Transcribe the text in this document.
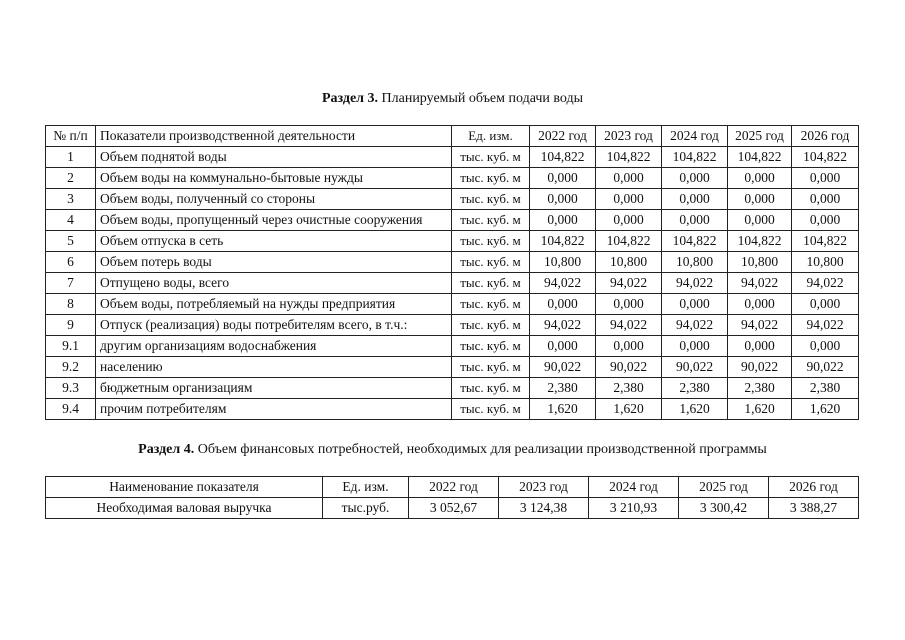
Раздел 3. Планируемый объем подачи воды
№ п/п	Показатели производственной деятельности	Ед. изм.	2022 год	2023 год	2024 год	2025 год	2026 год
1	Объем поднятой воды	тыс. куб. м	104,822	104,822	104,822	104,822	104,822
2	Объем воды на коммунально-бытовые нужды	тыс. куб. м	0,000	0,000	0,000	0,000	0,000
3	Объем воды, полученный со стороны	тыс. куб. м	0,000	0,000	0,000	0,000	0,000
4	Объем воды, пропущенный через очистные сооружения	тыс. куб. м	0,000	0,000	0,000	0,000	0,000
5	Объем отпуска в сеть	тыс. куб. м	104,822	104,822	104,822	104,822	104,822
6	Объем потерь воды	тыс. куб. м	10,800	10,800	10,800	10,800	10,800
7	Отпущено воды, всего	тыс. куб. м	94,022	94,022	94,022	94,022	94,022
8	Объем воды, потребляемый на нужды предприятия	тыс. куб. м	0,000	0,000	0,000	0,000	0,000
9	Отпуск (реализация) воды потребителям всего, в т.ч.:	тыс. куб. м	94,022	94,022	94,022	94,022	94,022
9.1	другим организациям водоснабжения	тыс. куб. м	0,000	0,000	0,000	0,000	0,000
9.2	населению	тыс. куб. м	90,022	90,022	90,022	90,022	90,022
9.3	бюджетным организациям	тыс. куб. м	2,380	2,380	2,380	2,380	2,380
9.4	прочим потребителям	тыс. куб. м	1,620	1,620	1,620	1,620	1,620
Раздел 4. Объем финансовых потребностей, необходимых для реализации производственной программы
Наименование показателя	Ед. изм.	2022 год	2023 год	2024 год	2025 год	2026 год
Необходимая валовая выручка	тыс.руб.	3 052,67	3 124,38	3 210,93	3 300,42	3 388,27
